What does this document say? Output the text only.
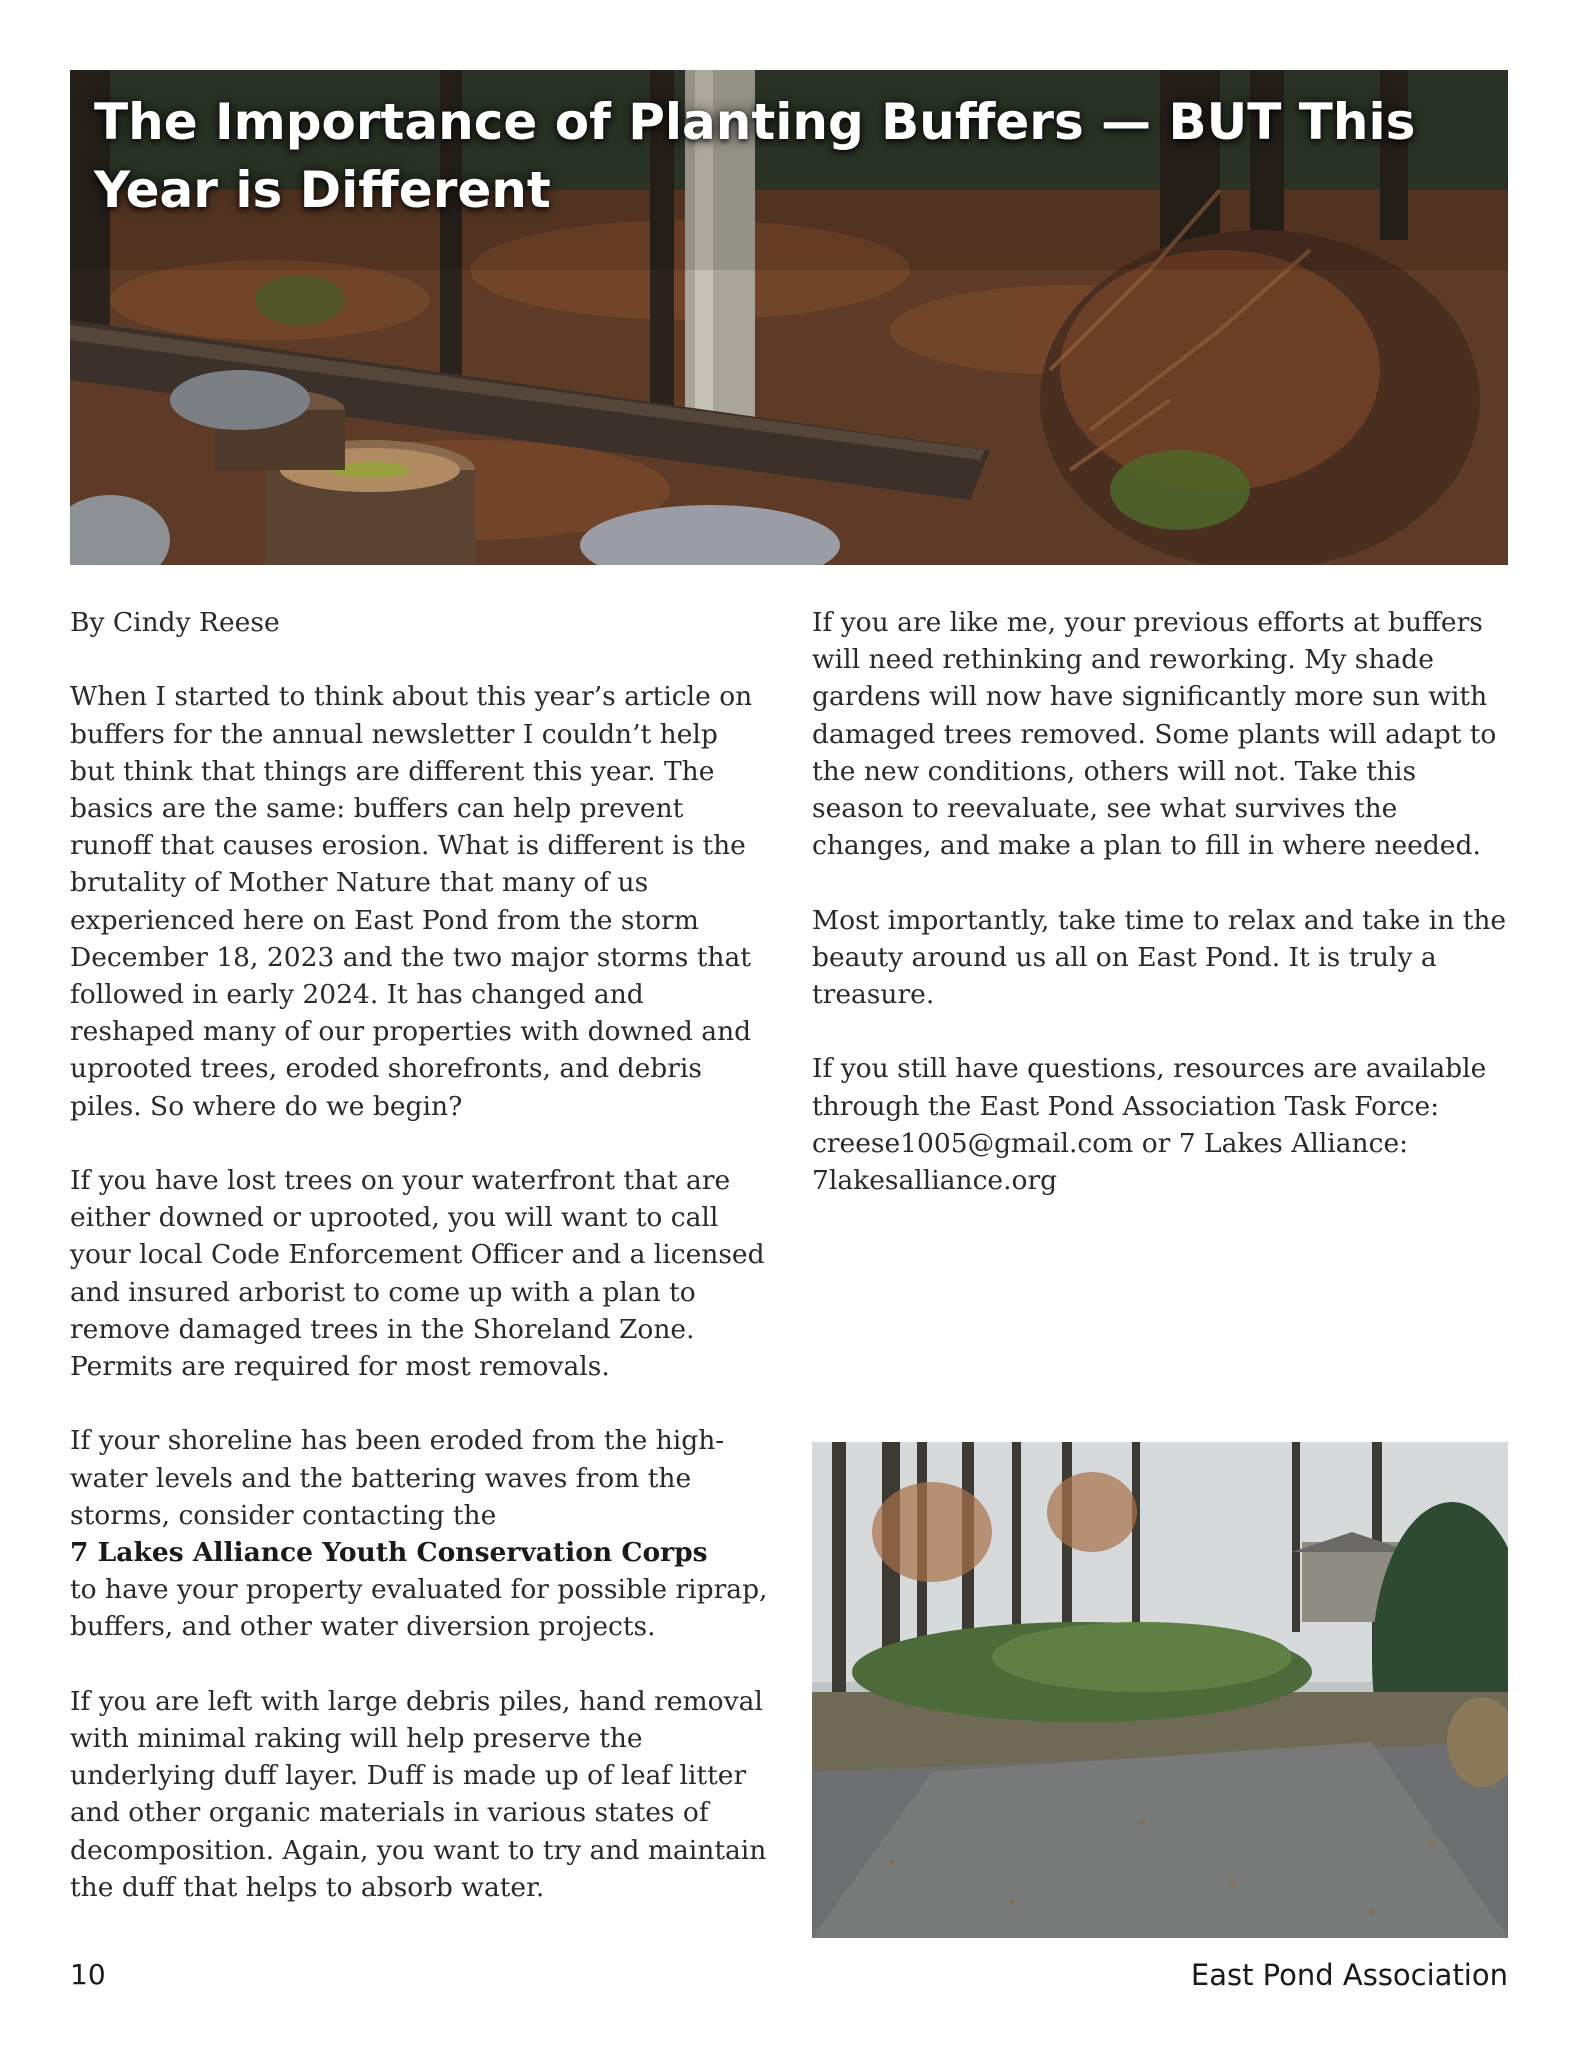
The Importance of Planting Buffers — BUT This Year is Different

By Cindy Reese

When I started to think about this year’s article on buffers for the annual newsletter I couldn’t help but think that things are different this year. The basics are the same: buffers can help prevent runoff that causes erosion. What is different is the brutality of Mother Nature that many of us experienced here on East Pond from the storm December 18, 2023 and the two major storms that followed in early 2024. It has changed and reshaped many of our properties with downed and uprooted trees, eroded shorefronts, and debris piles. So where do we begin?

If you have lost trees on your waterfront that are either downed or uprooted, you will want to call your local Code Enforcement Officer and a licensed and insured arborist to come up with a plan to remove damaged trees in the Shoreland Zone. Permits are required for most removals.

If your shoreline has been eroded from the high-water levels and the battering waves from the storms, consider contacting the
7 Lakes Alliance Youth Conservation Corps
to have your property evaluated for possible riprap, buffers, and other water diversion projects.

If you are left with large debris piles, hand removal with minimal raking will help preserve the underlying duff layer. Duff is made up of leaf litter and other organic materials in various states of decomposition. Again, you want to try and maintain the duff that helps to absorb water.

If you are like me, your previous efforts at buffers will need rethinking and reworking. My shade gardens will now have significantly more sun with damaged trees removed. Some plants will adapt to the new conditions, others will not. Take this season to reevaluate, see what survives the changes, and make a plan to fill in where needed.

Most importantly, take time to relax and take in the beauty around us all on East Pond. It is truly a treasure.

If you still have questions, resources are available through the East Pond Association Task Force: creese1005@gmail.com or 7 Lakes Alliance: 7lakesalliance.org

10	East Pond Association
